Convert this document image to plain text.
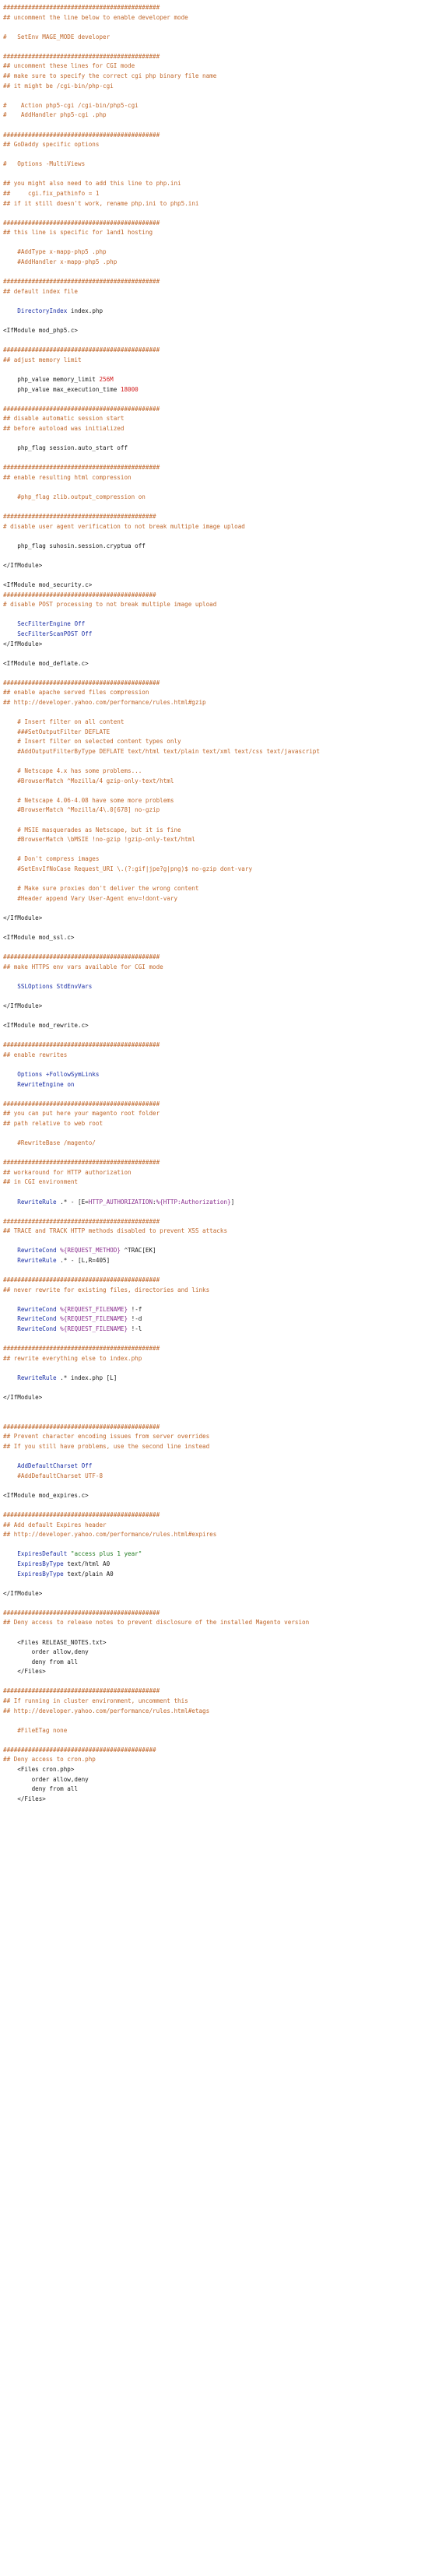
############################################
## uncomment the line below to enable developer mode

#   SetEnv MAGE_MODE developer

############################################
## uncomment these lines for CGI mode
## make sure to specify the correct cgi php binary file name
## it might be /cgi-bin/php-cgi

#    Action php5-cgi /cgi-bin/php5-cgi
#    AddHandler php5-cgi .php

############################################
## GoDaddy specific options

#   Options -MultiViews

## you might also need to add this line to php.ini
##     cgi.fix_pathinfo = 1
## if it still doesn't work, rename php.ini to php5.ini

############################################
## this line is specific for 1and1 hosting

#AddType x-mapp-php5 .php
#AddHandler x-mapp-php5 .php

############################################
## default index file

DirectoryIndex index.php

<IfModule mod_php5.c>

############################################
## adjust memory limit

php_value memory_limit 256M
php_value max_execution_time 18000

############################################
## disable automatic session start
## before autoload was initialized

php_flag session.auto_start off

############################################
## enable resulting html compression

#php_flag zlib.output_compression on

###########################################
# disable user agent verification to not break multiple image upload

php_flag suhosin.session.cryptua off

</IfModule>

<IfModule mod_security.c>
###########################################
# disable POST processing to not break multiple image upload

SecFilterEngine Off
SecFilterScanPOST Off
</IfModule>

<IfModule mod_deflate.c>

############################################
## enable apache served files compression
## http://developer.yahoo.com/performance/rules.html#gzip

# Insert filter on all content
###SetOutputFilter DEFLATE
# Insert filter on selected content types only
#AddOutputFilterByType DEFLATE text/html text/plain text/xml text/css text/javascript

# Netscape 4.x has some problems...
#BrowserMatch ^Mozilla/4 gzip-only-text/html

# Netscape 4.06-4.08 have some more problems
#BrowserMatch ^Mozilla/4\.0[678] no-gzip

# MSIE masquerades as Netscape, but it is fine
#BrowserMatch \bMSIE !no-gzip !gzip-only-text/html

# Don't compress images
#SetEnvIfNoCase Request_URI \.(?:gif|jpe?g|png)$ no-gzip dont-vary

# Make sure proxies don't deliver the wrong content
#Header append Vary User-Agent env=!dont-vary

</IfModule>

<IfModule mod_ssl.c>

############################################
## make HTTPS env vars available for CGI mode

SSLOptions StdEnvVars

</IfModule>

<IfModule mod_rewrite.c>

############################################
## enable rewrites

Options +FollowSymLinks
RewriteEngine on

############################################
## you can put here your magento root folder
## path relative to web root

#RewriteBase /magento/

############################################
## workaround for HTTP authorization
## in CGI environment

RewriteRule .* - [E=HTTP_AUTHORIZATION:%{HTTP:Authorization}]

############################################
## TRACE and TRACK HTTP methods disabled to prevent XSS attacks

RewriteCond %{REQUEST_METHOD} ^TRAC[EK]
RewriteRule .* - [L,R=405]

############################################
## never rewrite for existing files, directories and links

RewriteCond %{REQUEST_FILENAME} !-f
RewriteCond %{REQUEST_FILENAME} !-d
RewriteCond %{REQUEST_FILENAME} !-l

############################################
## rewrite everything else to index.php

RewriteRule .* index.php [L]

</IfModule>

############################################
## Prevent character encoding issues from server overrides
## If you still have problems, use the second line instead

AddDefaultCharset Off
#AddDefaultCharset UTF-8

<IfModule mod_expires.c>

############################################
## Add default Expires header
## http://developer.yahoo.com/performance/rules.html#expires

ExpiresDefault "access plus 1 year"
ExpiresByType text/html A0
ExpiresByType text/plain A0

</IfModule>

############################################
## Deny access to release notes to prevent disclosure of the installed Magento version

<Files RELEASE_NOTES.txt>
order allow,deny
deny from all
</Files>

############################################
## If running in cluster environment, uncomment this
## http://developer.yahoo.com/performance/rules.html#etags

#FileETag none

###########################################
## Deny access to cron.php
<Files cron.php>
order allow,deny
deny from all
</Files>
